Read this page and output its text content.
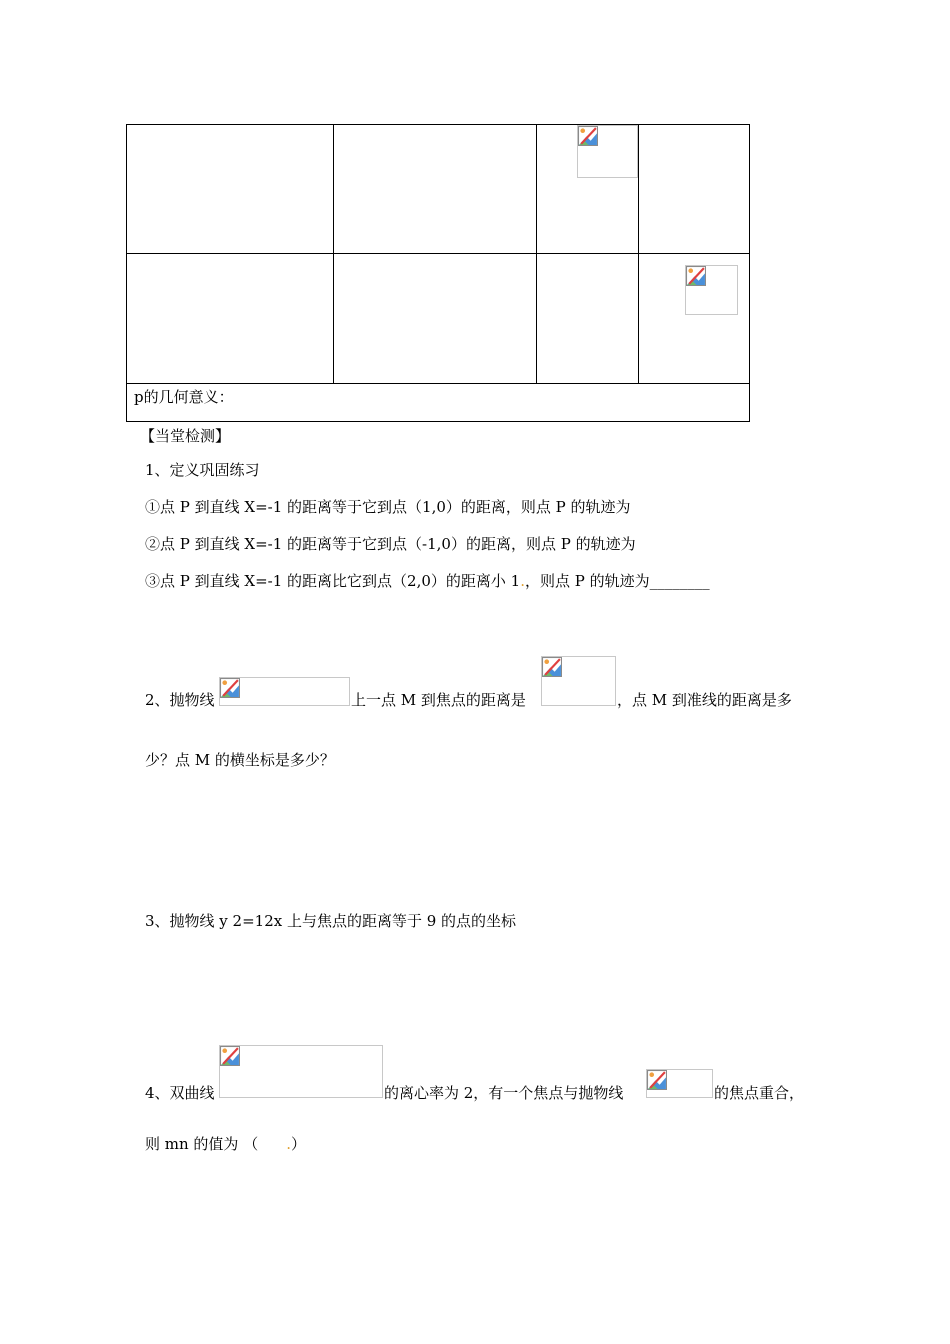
p的几何意义：
【当堂检测】
1、定义巩固练习
①点 P 到直线 X=-1 的距离等于它到点（1,0）的距离，则点 P 的轨迹为
②点 P 到直线 X=-1 的距离等于它到点（-1,0）的距离，则点 P 的轨迹为
③点 P 到直线 X=-1 的距离比它到点（2,0）的距离小 1.，则点 P 的轨迹为________
2、抛物线	上一点 M 到焦点的距离是	，点 M 到准线的距离是多
少？点 M 的横坐标是多少？
3、抛物线 y 2=12x 上与焦点的距离等于 9 的点的坐标
4、双曲线	的离心率为 2，有一个焦点与抛物线	的焦点重合，
则 mn 的值为 （ .）
